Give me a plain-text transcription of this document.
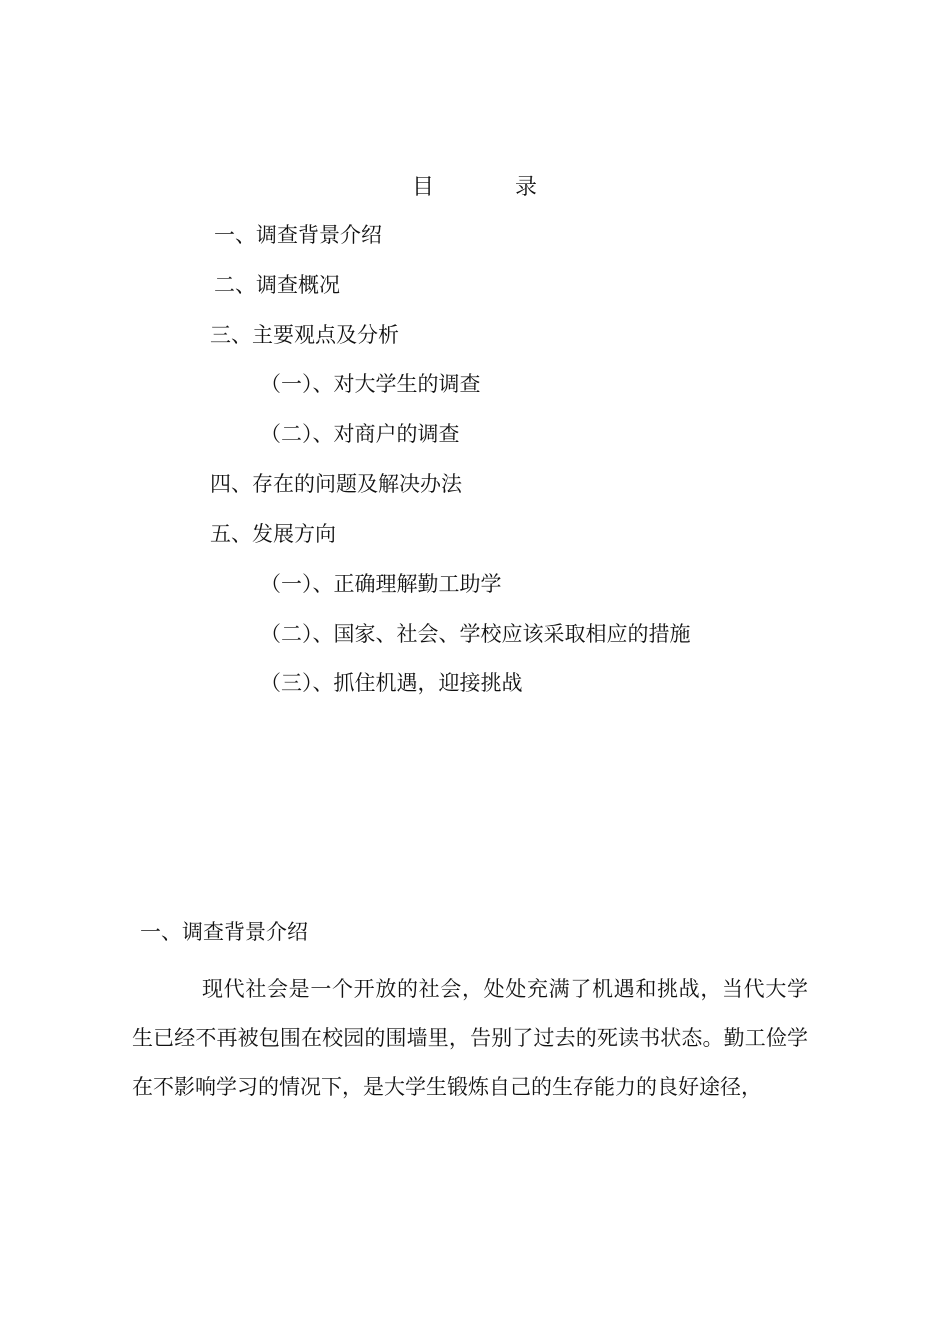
目          录
一、调查背景介绍
二、调查概况
三、主要观点及分析
（一）、对大学生的调查
（二）、对商户的调查
四、存在的问题及解决办法
五、发展方向
（一）、正确理解勤工助学
（二）、国家、社会、学校应该采取相应的措施
（三）、抓住机遇，迎接挑战
一、调查背景介绍

现代社会是一个开放的社会，处处充满了机遇和挑战，当代大学生已经不再被包围在校园的围墙里，告别了过去的死读书状态。勤工俭学在不影响学习的情况下，是大学生锻炼自己的生存能力的良好途径，
